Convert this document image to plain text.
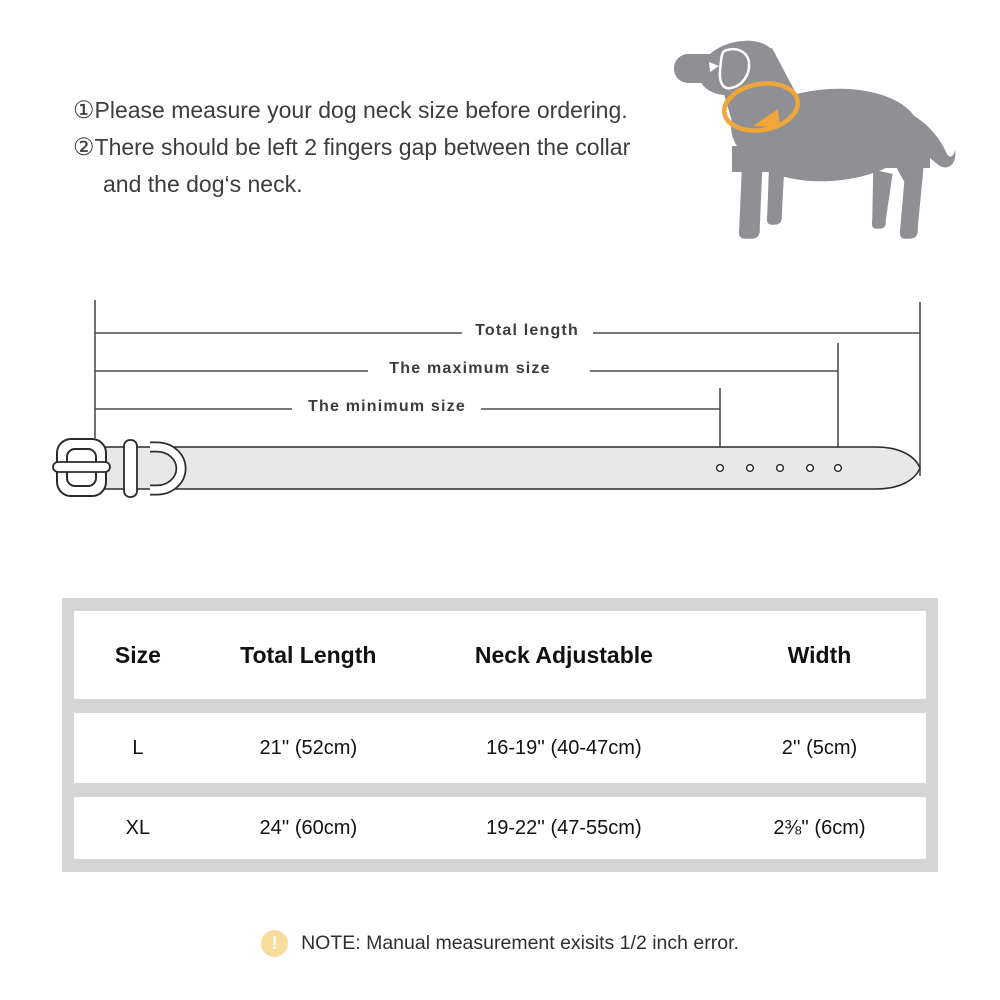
①Please measure your dog neck size before ordering.
②There should be left 2 fingers gap between the collar and the dog‘s neck.
Total length
The maximum size
The minimum size
Size	Total Length	Neck Adjustable	Width
L	21'' (52cm)	16-19'' (40-47cm)	2'' (5cm)
XL	24'' (60cm)	19-22'' (47-55cm)	2⅜'' (6cm)
!	NOTE: Manual measurement exisits 1/2 inch error.
